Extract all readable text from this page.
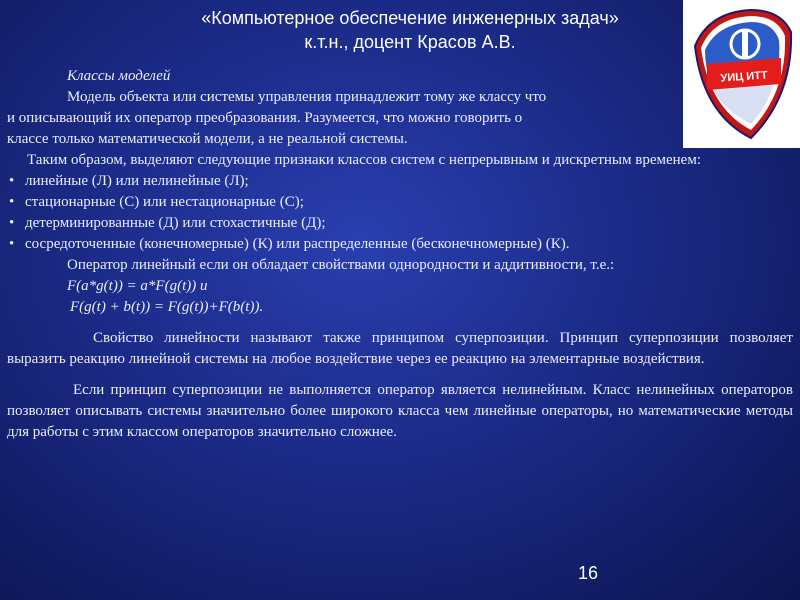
«Компьютерное обеспечение инженерных задач»
к.т.н., доцент Красов А.В.
УИЦ ИТТ

Классы моделей

Модель объекта или системы управления принадлежит тому же классу что

и описывающий их оператор преобразования. Разумеется, что можно говорить о

классе только математической модели, а не реальной системы.

Таким образом, выделяют следующие признаки классов систем с непрерывным и дискретным временем:

• линейные (Л) или нелинейные (Л);

• стационарные (С) или нестационарные (С);

• детерминированные (Д) или стохастичные (Д);

• сосредоточенные (конечномерные) (К) или распределенные (бесконечномерные) (К).

Оператор линейный если он обладает свойствами однородности и аддитивности, т.е.:

F(a*g(t)) = a*F(g(t)) и

F(g(t) + b(t)) = F(g(t))+F(b(t)).

Свойство линейности называют также принципом суперпозиции. Принцип суперпозиции позволяет выразить реакцию линейной системы на любое воздействие через ее реакцию на элементарные воздействия.

Если принцип суперпозиции не выполняется оператор является нелинейным. Класс нелинейных операторов позволяет описывать системы значительно более широкого класса чем линейные операторы, но математические методы для работы с этим классом операторов значительно сложнее.

16
